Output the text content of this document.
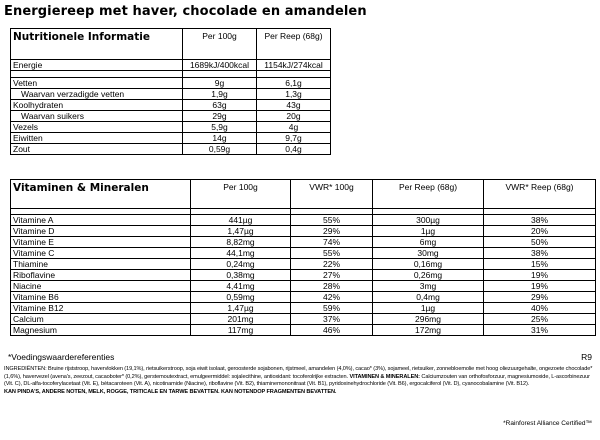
Energiereep met haver, chocolade en amandelen
Nutritionele Informatie	Per 100g	Per Reep (68g)
Energie	1689kJ/400kcal	1154kJ/274kcal

Vetten	9g	6,1g
Waarvan verzadigde vetten	1,9g	1,3g
Koolhydraten	63g	43g
Waarvan suikers	29g	20g
Vezels	5,9g	4g
Eiwitten	14g	9,7g
Zout	0,59g	0,4g
Vitaminen & Mineralen	Per 100g	VWR* 100g	Per Reep (68g)	VWR* Reep (68g)

Vitamine A	441µg	55%	300µg	38%
Vitamine D	1,47µg	29%	1µg	20%
Vitamine E	8,82mg	74%	6mg	50%
Vitamine C	44,1mg	55%	30mg	38%
Thiamine	0,24mg	22%	0,16mg	15%
Riboflavine	0,38mg	27%	0,26mg	19%
Niacine	4,41mg	28%	3mg	19%
Vitamine B6	0,59mg	42%	0,4mg	29%
Vitamine B12	1,47µg	59%	1µg	40%
Calcium	201mg	37%	296mg	25%
Magnesium	117mg	46%	172mg	31%
*Voedingswaardereferenties	R9
INGREDIËNTEN: Bruine rijststroop, havervlokken (19,1%), rietsuikerstroop, soja eiwit isolaat, geroosterde sojabonen, rijstmeel, amandelen (4,0%), cacao* (3%), sojameel, rietsuiker, zonnebloemolie met hoog oliezuurgehalte, ongezoete chocolade* (1,6%), havervezel (avena's, zeezout, cacaoboter* (0,2%), gerstemoutextract, emulgeermiddel: sojalecithine, antioxidant: tocoferolrijke extracten. VITAMINEN & MINERALEN: Calciumzouten van orthofosforzuur, magnesiumoxide, L-ascorbinezuur (Vit. C), DL-alfa-tocoferylacetaat (Vit. E), bètacaroteen (Vit. A), nicotinamide (Niacine), riboflavine (Vit. B2), thiaminemononitraat (Vit. B1), pyridoxinehydrochloride (Vit. B6), ergocalciferol (Vit. D), cyanocobalamine (Vit. B12).
KAN PINDA'S, ANDERE NOTEN, MELK, ROGGE, TRITICALE EN TARWE BEVATTEN. KAN NOTENDOP FRAGMENTEN BEVATTEN.
*Rainforest Alliance Certified™
